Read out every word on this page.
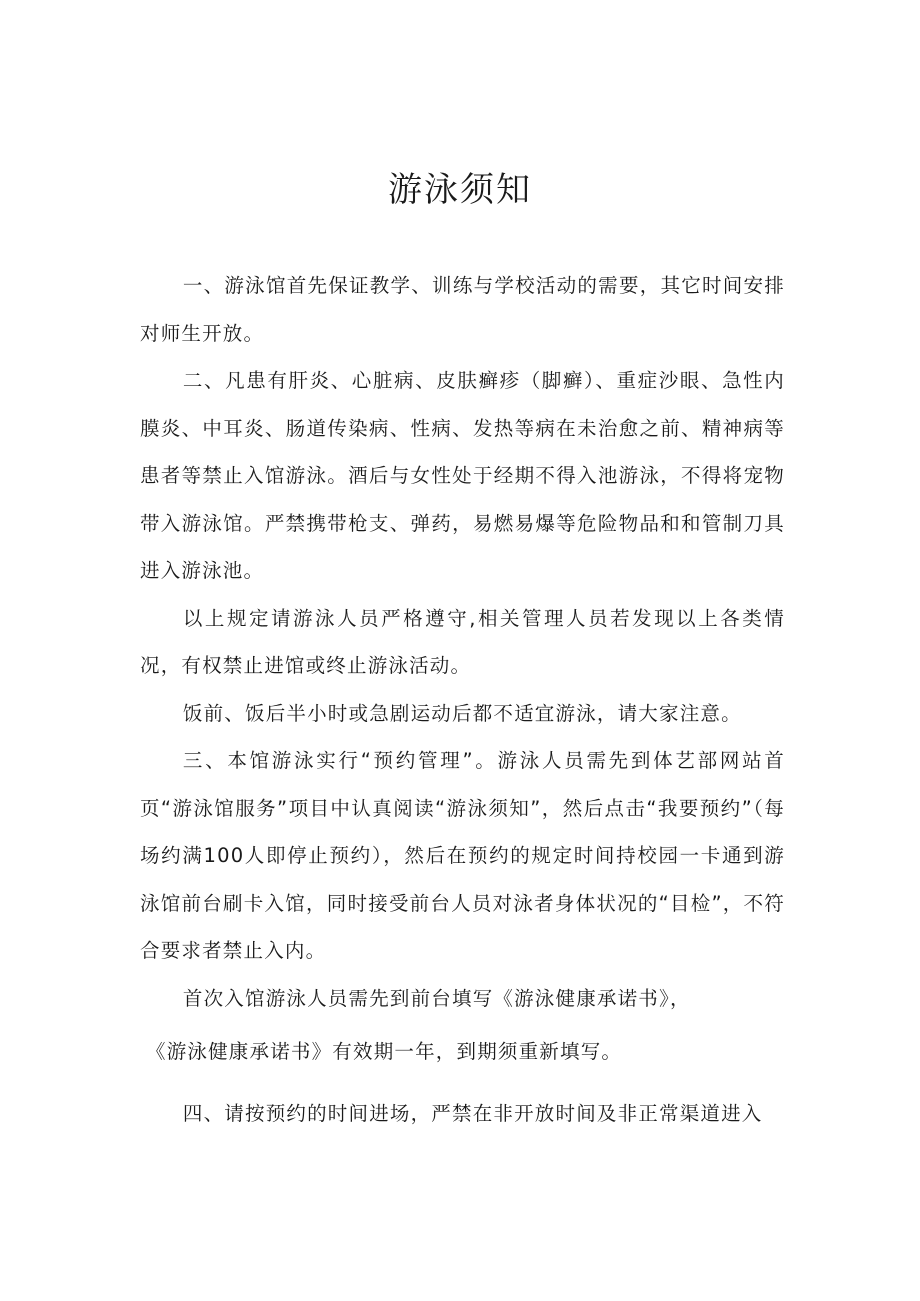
游泳须知

一、游泳馆首先保证教学、训练与学校活动的需要，其它时间安排对师生开放。

二、凡患有肝炎、心脏病、皮肤癣疹（脚癣）、重症沙眼、急性内膜炎、中耳炎、肠道传染病、性病、发热等病在未治愈之前、精神病等患者等禁止入馆游泳。酒后与女性处于经期不得入池游泳，不得将宠物带入游泳馆。严禁携带枪支、弹药，易燃易爆等危险物品和和管制刀具进入游泳池。

以上规定请游泳人员严格遵守,相关管理人员若发现以上各类情况，有权禁止进馆或终止游泳活动。

饭前、饭后半小时或急剧运动后都不适宜游泳，请大家注意。

三、本馆游泳实行“预约管理”。游泳人员需先到体艺部网站首页“游泳馆服务”项目中认真阅读“游泳须知”，然后点击“我要预约”（每场约满100人即停止预约），然后在预约的规定时间持校园一卡通到游泳馆前台刷卡入馆，同时接受前台人员对泳者身体状况的“目检”，不符合要求者禁止入内。

首次入馆游泳人员需先到前台填写《游泳健康承诺书》，

《游泳健康承诺书》有效期一年，到期须重新填写。

四、请按预约的时间进场，严禁在非开放时间及非正常渠道进入
